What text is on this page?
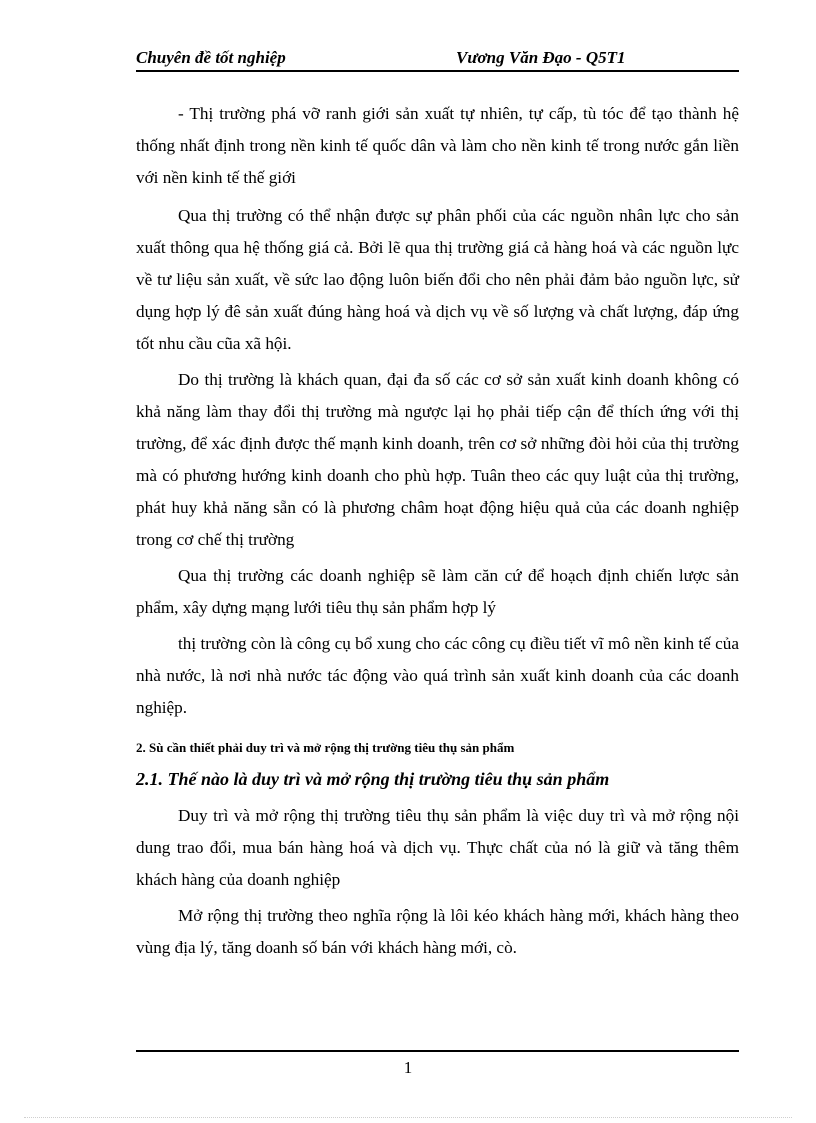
Chuyên đề tốt nghiệp	Vương Văn Đạo - Q5T1

- Thị trường phá vỡ ranh giới sản xuất tự nhiên, tự cấp, tù tóc để tạo thành hệ thống nhất định trong nền kinh tế quốc dân và làm cho nền kinh tế trong nước gắn liền với nền kinh tế thế giới

Qua thị trường có thể nhận được sự phân phối của các nguồn nhân lực cho sản xuất thông qua hệ thống giá cả. Bởi lẽ qua thị trường giá cả hàng hoá và các nguồn lực về tư liệu sản xuất, về sức lao động luôn biến đổi cho nên phải đảm bảo nguồn lực, sử dụng hợp lý đê sản xuất đúng hàng hoá và dịch vụ về số lượng và chất lượng, đáp ứng tốt nhu cầu cũa xã hội.

Do thị trường là khách quan, đại đa số các cơ sở sản xuất kinh doanh không có khả năng làm thay đổi thị trường mà ngược lại họ phải tiếp cận để thích ứng với thị trường, để xác định được thế mạnh kinh doanh, trên cơ sở những đòi hỏi của thị trường mà có phương hướng kinh doanh cho phù hợp. Tuân theo các quy luật của thị trường, phát huy khả năng sẵn có là phương châm hoạt động hiệu quả của các doanh nghiệp trong cơ chế thị trường

Qua thị trường các doanh nghiệp sẽ làm căn cứ để hoạch định chiến lược sản phẩm, xây dựng mạng lưới tiêu thụ sản phẩm hợp lý

thị trường còn là công cụ bổ xung cho các công cụ điều tiết vĩ mô nền kinh tế của nhà nước, là nơi nhà nước tác động vào quá trình sản xuất kinh doanh của các doanh nghiệp.

2. Sù cần thiết phải duy trì và mở rộng thị trường tiêu thụ sản phẩm
2.1. Thế nào là duy trì và mở rộng thị trường tiêu thụ sản phẩm

Duy trì và mở rộng thị trường tiêu thụ sản phẩm là việc duy trì và mở rộng nội dung trao đổi, mua bán hàng hoá và dịch vụ. Thực chất của nó là giữ và tăng thêm khách hàng của doanh nghiệp

Mở rộng thị trường theo nghĩa rộng là lôi kéo khách hàng mới, khách hàng theo vùng địa lý, tăng doanh số bán với khách hàng mới, cò.

1
